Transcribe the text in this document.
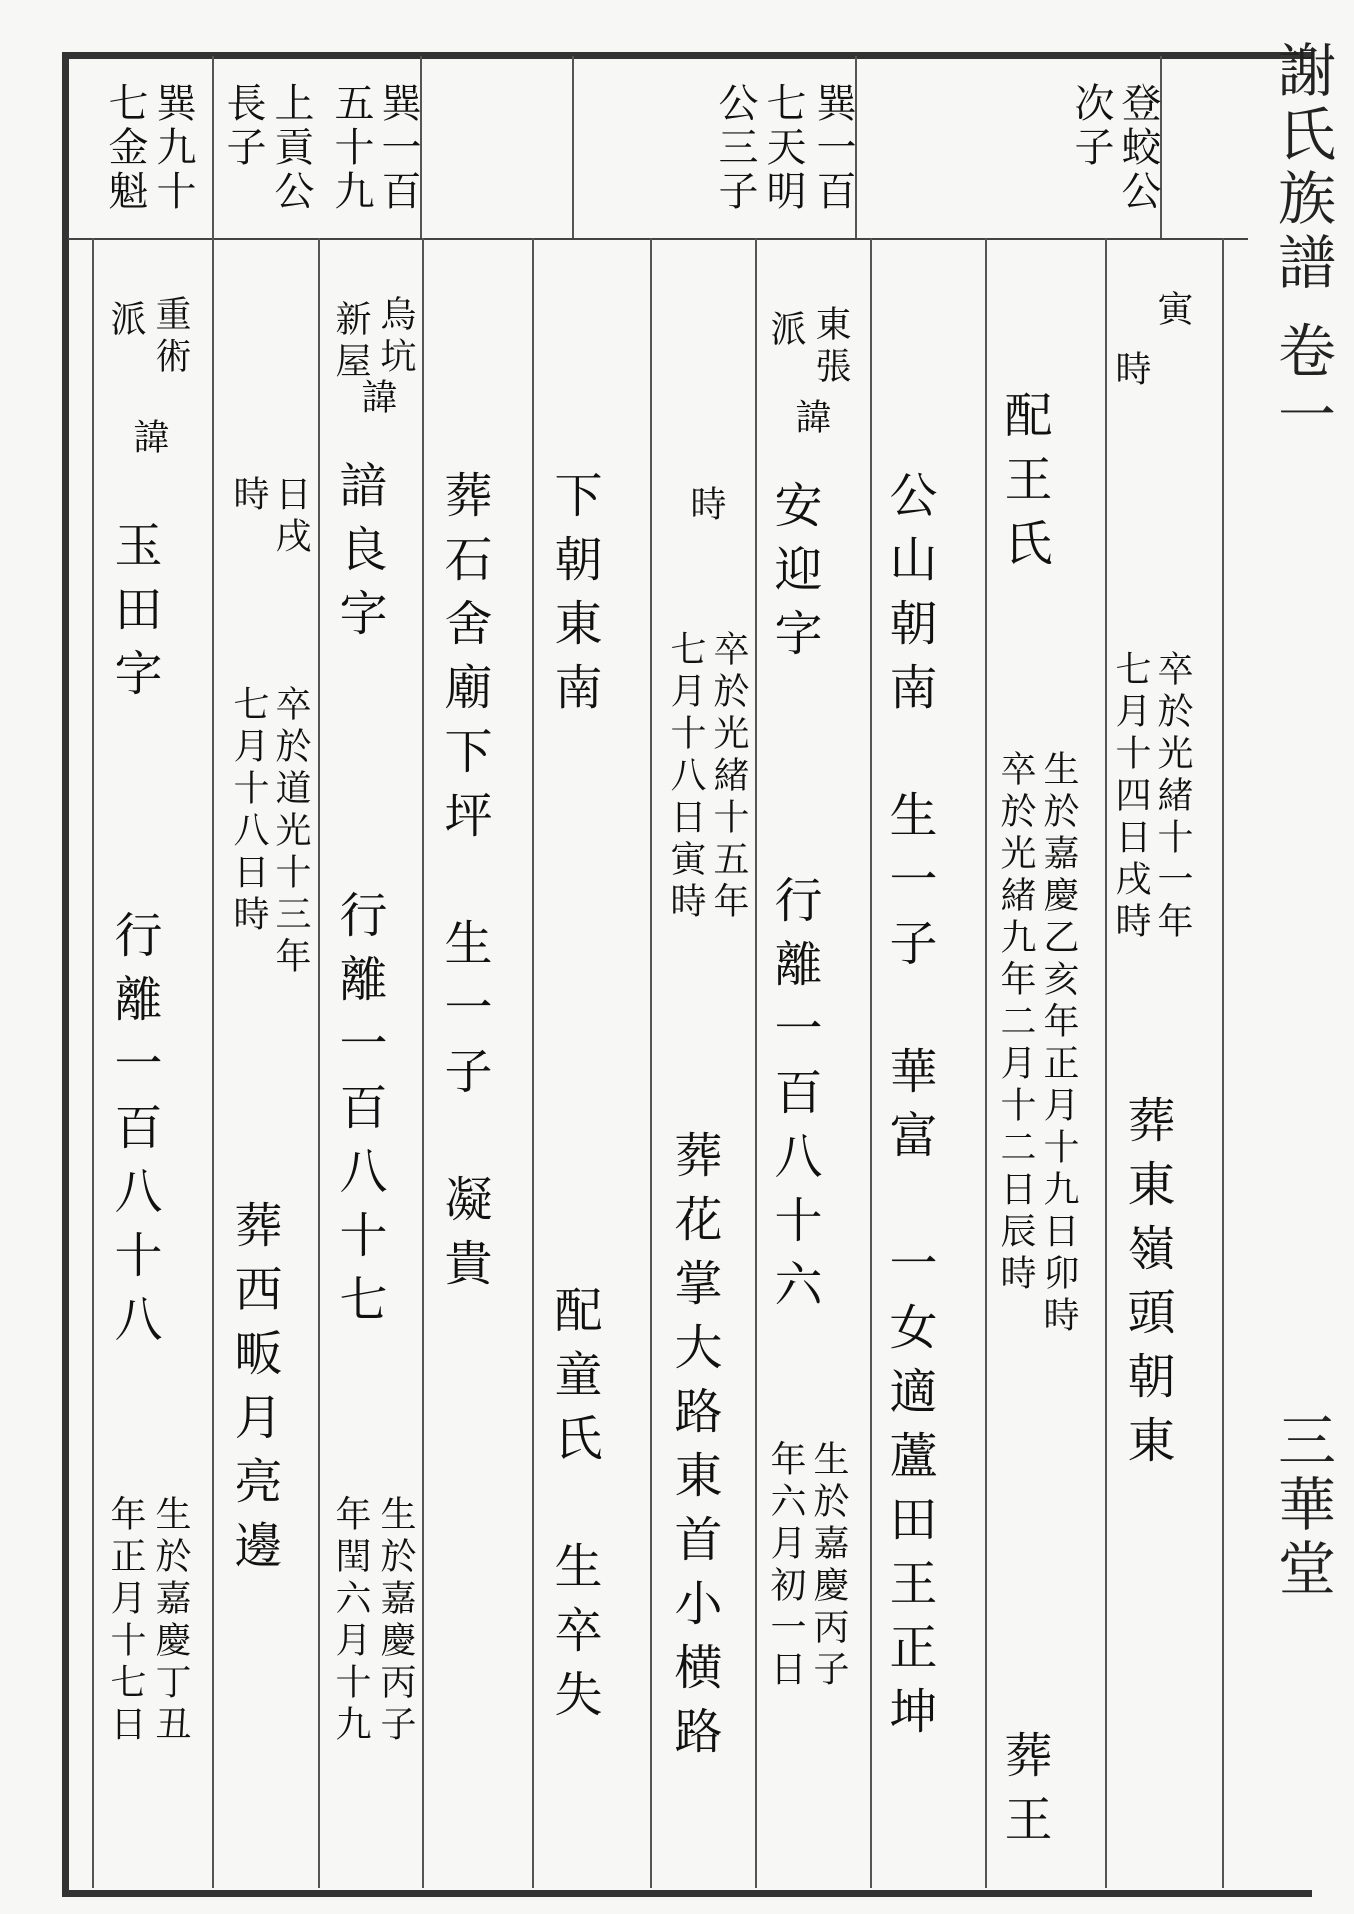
謝氏族譜 卷一
三華堂
登蛟公
次子
巽一百
七天明
公三子
巽一百
五十九
上貢公
長子
巽九十
七金魁
寅
時
卒於光緒十一年
七月十四日戌時
葬東嶺頭朝東
配王氏
生於嘉慶乙亥年正月十九日卯時
卒於光緒九年二月十二日辰時
葬王
公山朝南　生一子　華富　一女適蘆田王正坤
東張
派
諱
安迎字
行離一百八十六
生於嘉慶丙子
年六月初一日
時
卒於光緒十五年
七月十八日寅時
葬花掌大路東首小横路
下朝東南
配童氏　生卒失
葬石舍廟下坪　生一子　凝貴
烏坑
新屋
諱
諳良字
行離一百八十七
生於嘉慶丙子
年閏六月十九
日戌
時
卒於道光十三年
七月十八日時
葬西畈月亮邊
重術
派
諱
玉田字
行離一百八十八
生於嘉慶丁丑
年正月十七日
